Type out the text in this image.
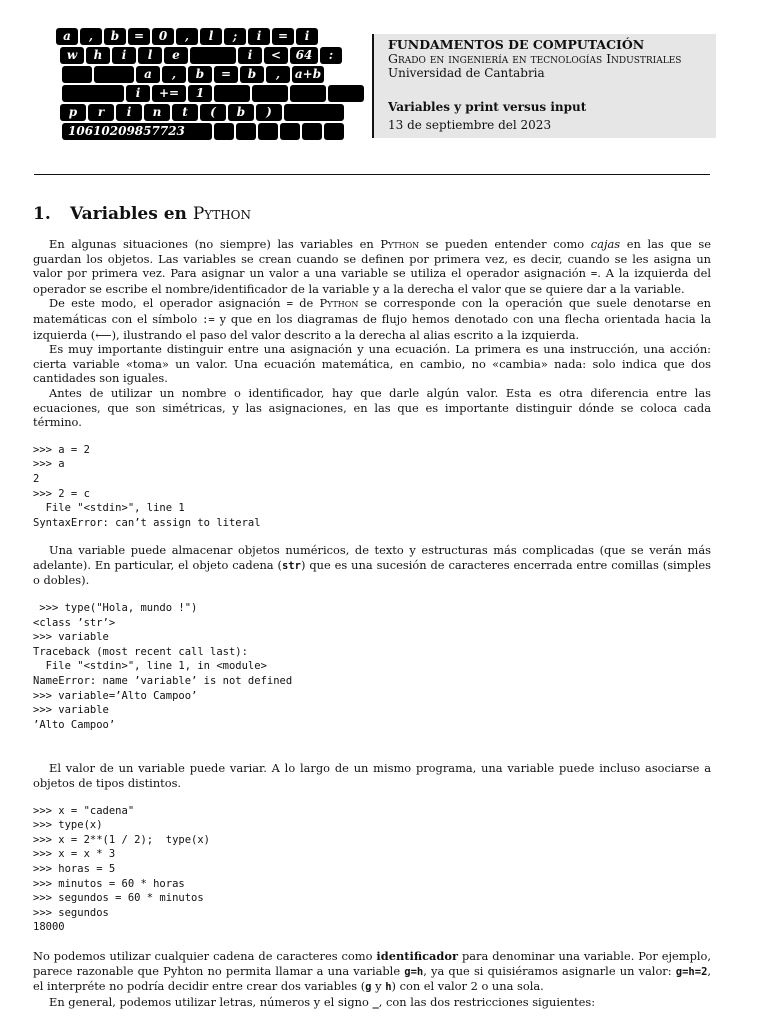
a	,	b	=	0	,	l	;	i	=	i
w	h	i	l	e	i	<	64	:
a	,	b	=	b	,	a+b
i	+=	1
p	r	i	n	t	(	b	)
10610209857723
FUNDAMENTOS DE COMPUTACIÓN
Grado en ingeniería en tecnologías Industriales
Universidad de Cantabria
Variables y print versus input
13 de septiembre del 2023
1. Variables en Python

En algunas situaciones (no siempre) las variables en Python se pueden entender como cajas en las que se guardan los objetos. Las variables se crean cuando se definen por primera vez, es decir, cuando se les asigna un valor por primera vez. Para asignar un valor a una variable se utiliza el operador asignación =. A la izquierda del operador se escribe el nombre/identificador de la variable y a la derecha el valor que se quiere dar a la variable.

De este modo, el operador asignación = de Python se corresponde con la operación que suele denotarse en matemáticas con el símbolo := y que en los diagramas de flujo hemos denotado con una flecha orientada hacia la izquierda (⟵), ilustrando el paso del valor descrito a la derecha al alias escrito a la izquierda.

Es muy importante distinguir entre una asignación y una ecuación. La primera es una instrucción, una acción: cierta variable «toma» un valor. Una ecuación matemática, en cambio, no «cambia» nada: solo indica que dos cantidades son iguales.

Antes de utilizar un nombre o identificador, hay que darle algún valor. Esta es otra diferencia entre las ecuaciones, que son simétricas, y las asignaciones, en las que es importante distinguir dónde se coloca cada término.

>>> a = 2
>>> a
2
>>> 2 = c
File "<stdin>", line 1
SyntaxError: can’t assign to literal

Una variable puede almacenar objetos numéricos, de texto y estructuras más complicadas (que se verán más adelante). En particular, el objeto cadena (str) que es una sucesión de caracteres encerrada entre comillas (simples o dobles).

>>> type("Hola, mundo !")
<class ’str’>
>>> variable
Traceback (most recent call last):
File "<stdin>", line 1, in <module>
NameError: name ’variable’ is not defined
>>> variable=’Alto Campoo’
>>> variable
’Alto Campoo’

El valor de un variable puede variar. A lo largo de un mismo programa, una variable puede incluso asociarse a objetos de tipos distintos.

>>> x = "cadena"
>>> type(x)
>>> x = 2**(1 / 2);  type(x)
>>> x = x * 3
>>> horas = 5
>>> minutos = 60 * horas
>>> segundos = 60 * minutos
>>> segundos
18000

No podemos utilizar cualquier cadena de caracteres como identificador para denominar una variable. Por ejemplo, parece razonable que Pyhton no permita llamar a una variable g=h, ya que si quisiéramos asignarle un valor: g=h=2, el interpréte no podría decidir entre crear dos variables (g y h) con el valor 2 o una sola.

En general, podemos utilizar letras, números y el signo _, con las dos restricciones siguientes:
